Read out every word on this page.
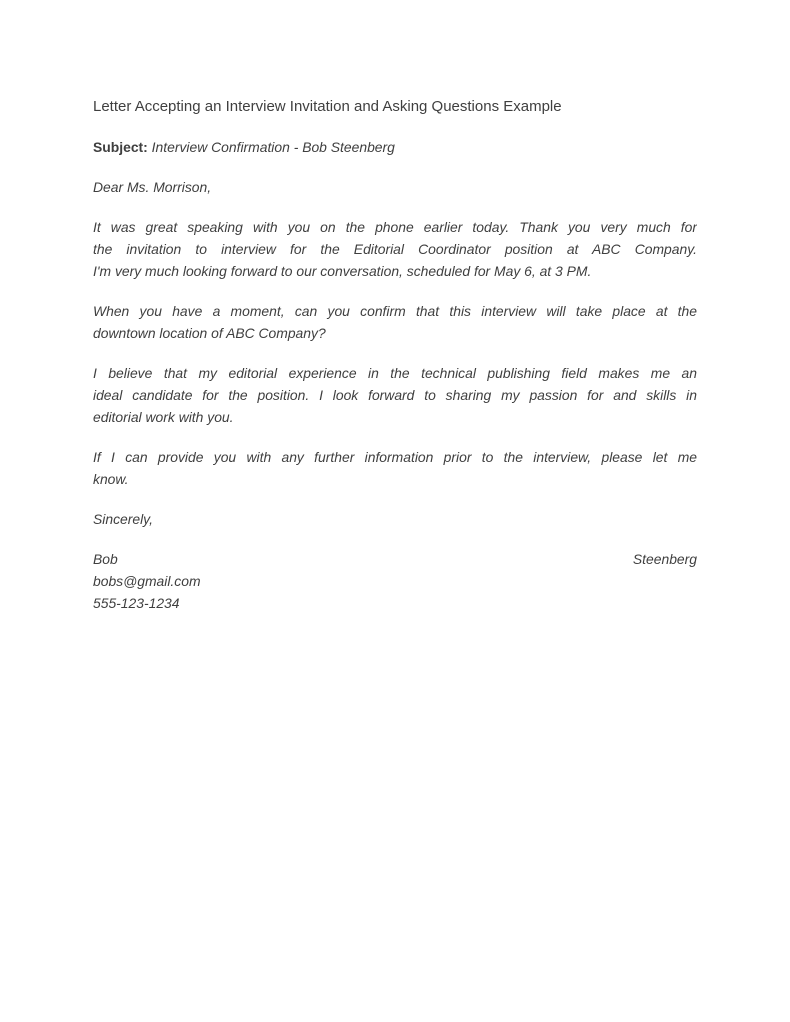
Letter Accepting an Interview Invitation and Asking Questions Example
Subject: Interview Confirmation - Bob Steenberg
Dear Ms. Morrison,
It was great speaking with you on the phone earlier today. Thank you very much for
the invitation to interview for the Editorial Coordinator position at ABC Company.
I'm very much looking forward to our conversation, scheduled for May 6, at 3 PM.
When you have a moment, can you confirm that this interview will take place at the
downtown location of ABC Company?
I believe that my editorial experience in the technical publishing field makes me an
ideal candidate for the position. I look forward to sharing my passion for and skills in
editorial work with you.
If I can provide you with any further information prior to the interview, please let me
know.
Sincerely,
Bob	Steenberg
bobs@gmail.com
555-123-1234
